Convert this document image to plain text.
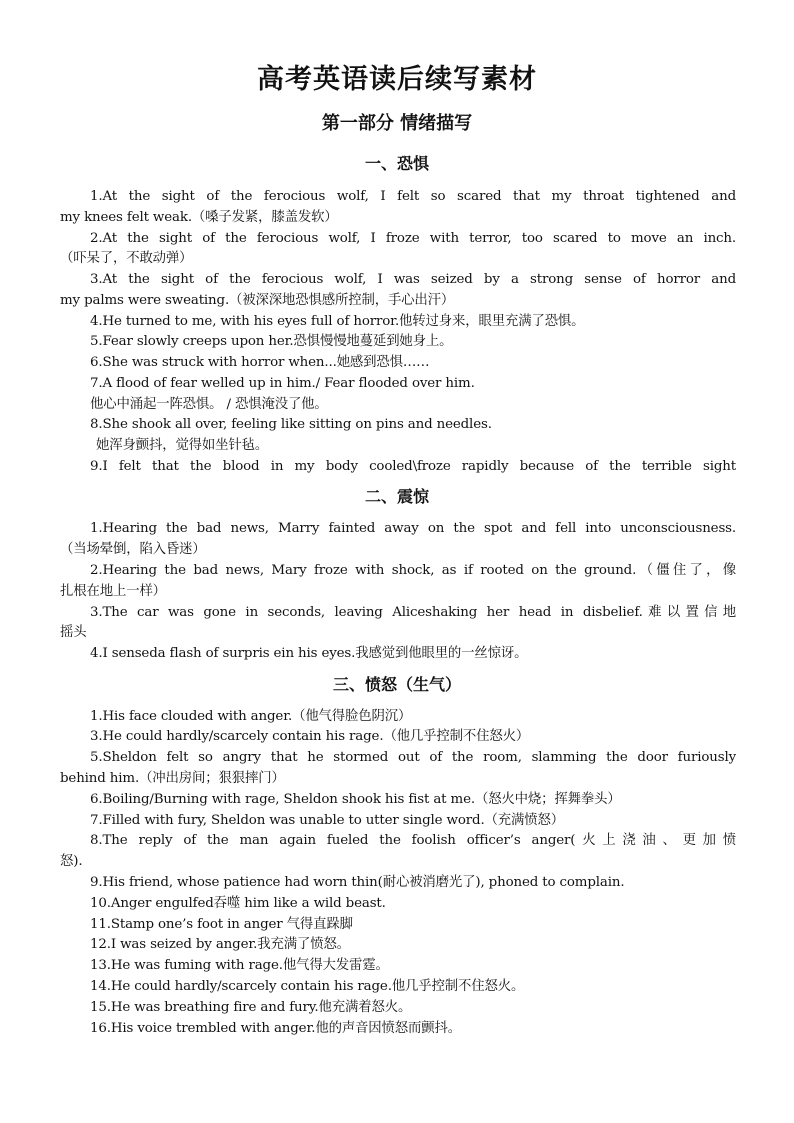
高考英语读后续写素材
第一部分 情绪描写
一、恐惧
1.At the sight of the ferocious wolf, I felt so scared that my throat tightened and
my knees felt weak.（嗓子发紧，膝盖发软）
2.At the sight of the ferocious wolf, I froze with terror, too scared to move an inch.
（吓呆了，不敢动弹）
3.At the sight of the ferocious wolf, I was seized by a strong sense of horror and
my palms were sweating.（被深深地恐惧感所控制，手心出汗）
4.He turned to me, with his eyes full of horror.他转过身来，眼里充满了恐惧。
5.Fear slowly creeps upon her.恐惧慢慢地蔓延到她身上。
6.She was struck with horror when...她感到恐惧……
7.A flood of fear welled up in him./ Fear flooded over him.
他心中涌起一阵恐惧。 / 恐惧淹没了他。
8.She shook all over, feeling like sitting on pins and needles.
她浑身颤抖，觉得如坐针毡。
9.I felt that the blood in my body cooled\froze rapidly because of the terrible sight
二、震惊
1.Hearing the bad news, Marry fainted away on the spot and fell into unconsciousness.
（当场晕倒，陷入昏迷）
2.Hearing the bad news, Mary froze with shock, as if rooted on the ground.（僵住了，像
扎根在地上一样）
3.The car was gone in seconds, leaving Aliceshaking her head in disbelief.难以置信地
摇头
4.I senseda flash of surpris ein his eyes.我感觉到他眼里的一丝惊讶。
三、愤怒（生气）
1.His face clouded with anger.（他气得脸色阴沉）
3.He could hardly/scarcely contain his rage.（他几乎控制不住怒火）
5.Sheldon felt so angry that he stormed out of the room, slamming the door furiously
behind him.（冲出房间；狠狠摔门）
6.Boiling/Burning with rage, Sheldon shook his fist at me.（怒火中烧；挥舞拳头）
7.Filled with fury, Sheldon was unable to utter single word.（充满愤怒）
8.The reply of the man again fueled the foolish officer’s anger(火上浇油、更加愤
怒).
9.His friend, whose patience had worn thin(耐心被消磨光了), phoned to complain.
10.Anger engulfed吞噬 him like a wild beast.
11.Stamp one’s foot in anger 气得直跺脚
12.I was seized by anger.我充满了愤怒。
13.He was fuming with rage.他气得大发雷霆。
14.He could hardly/scarcely contain his rage.他几乎控制不住怒火。
15.He was breathing fire and fury.他充满着怒火。
16.His voice trembled with anger.他的声音因愤怒而颤抖。
